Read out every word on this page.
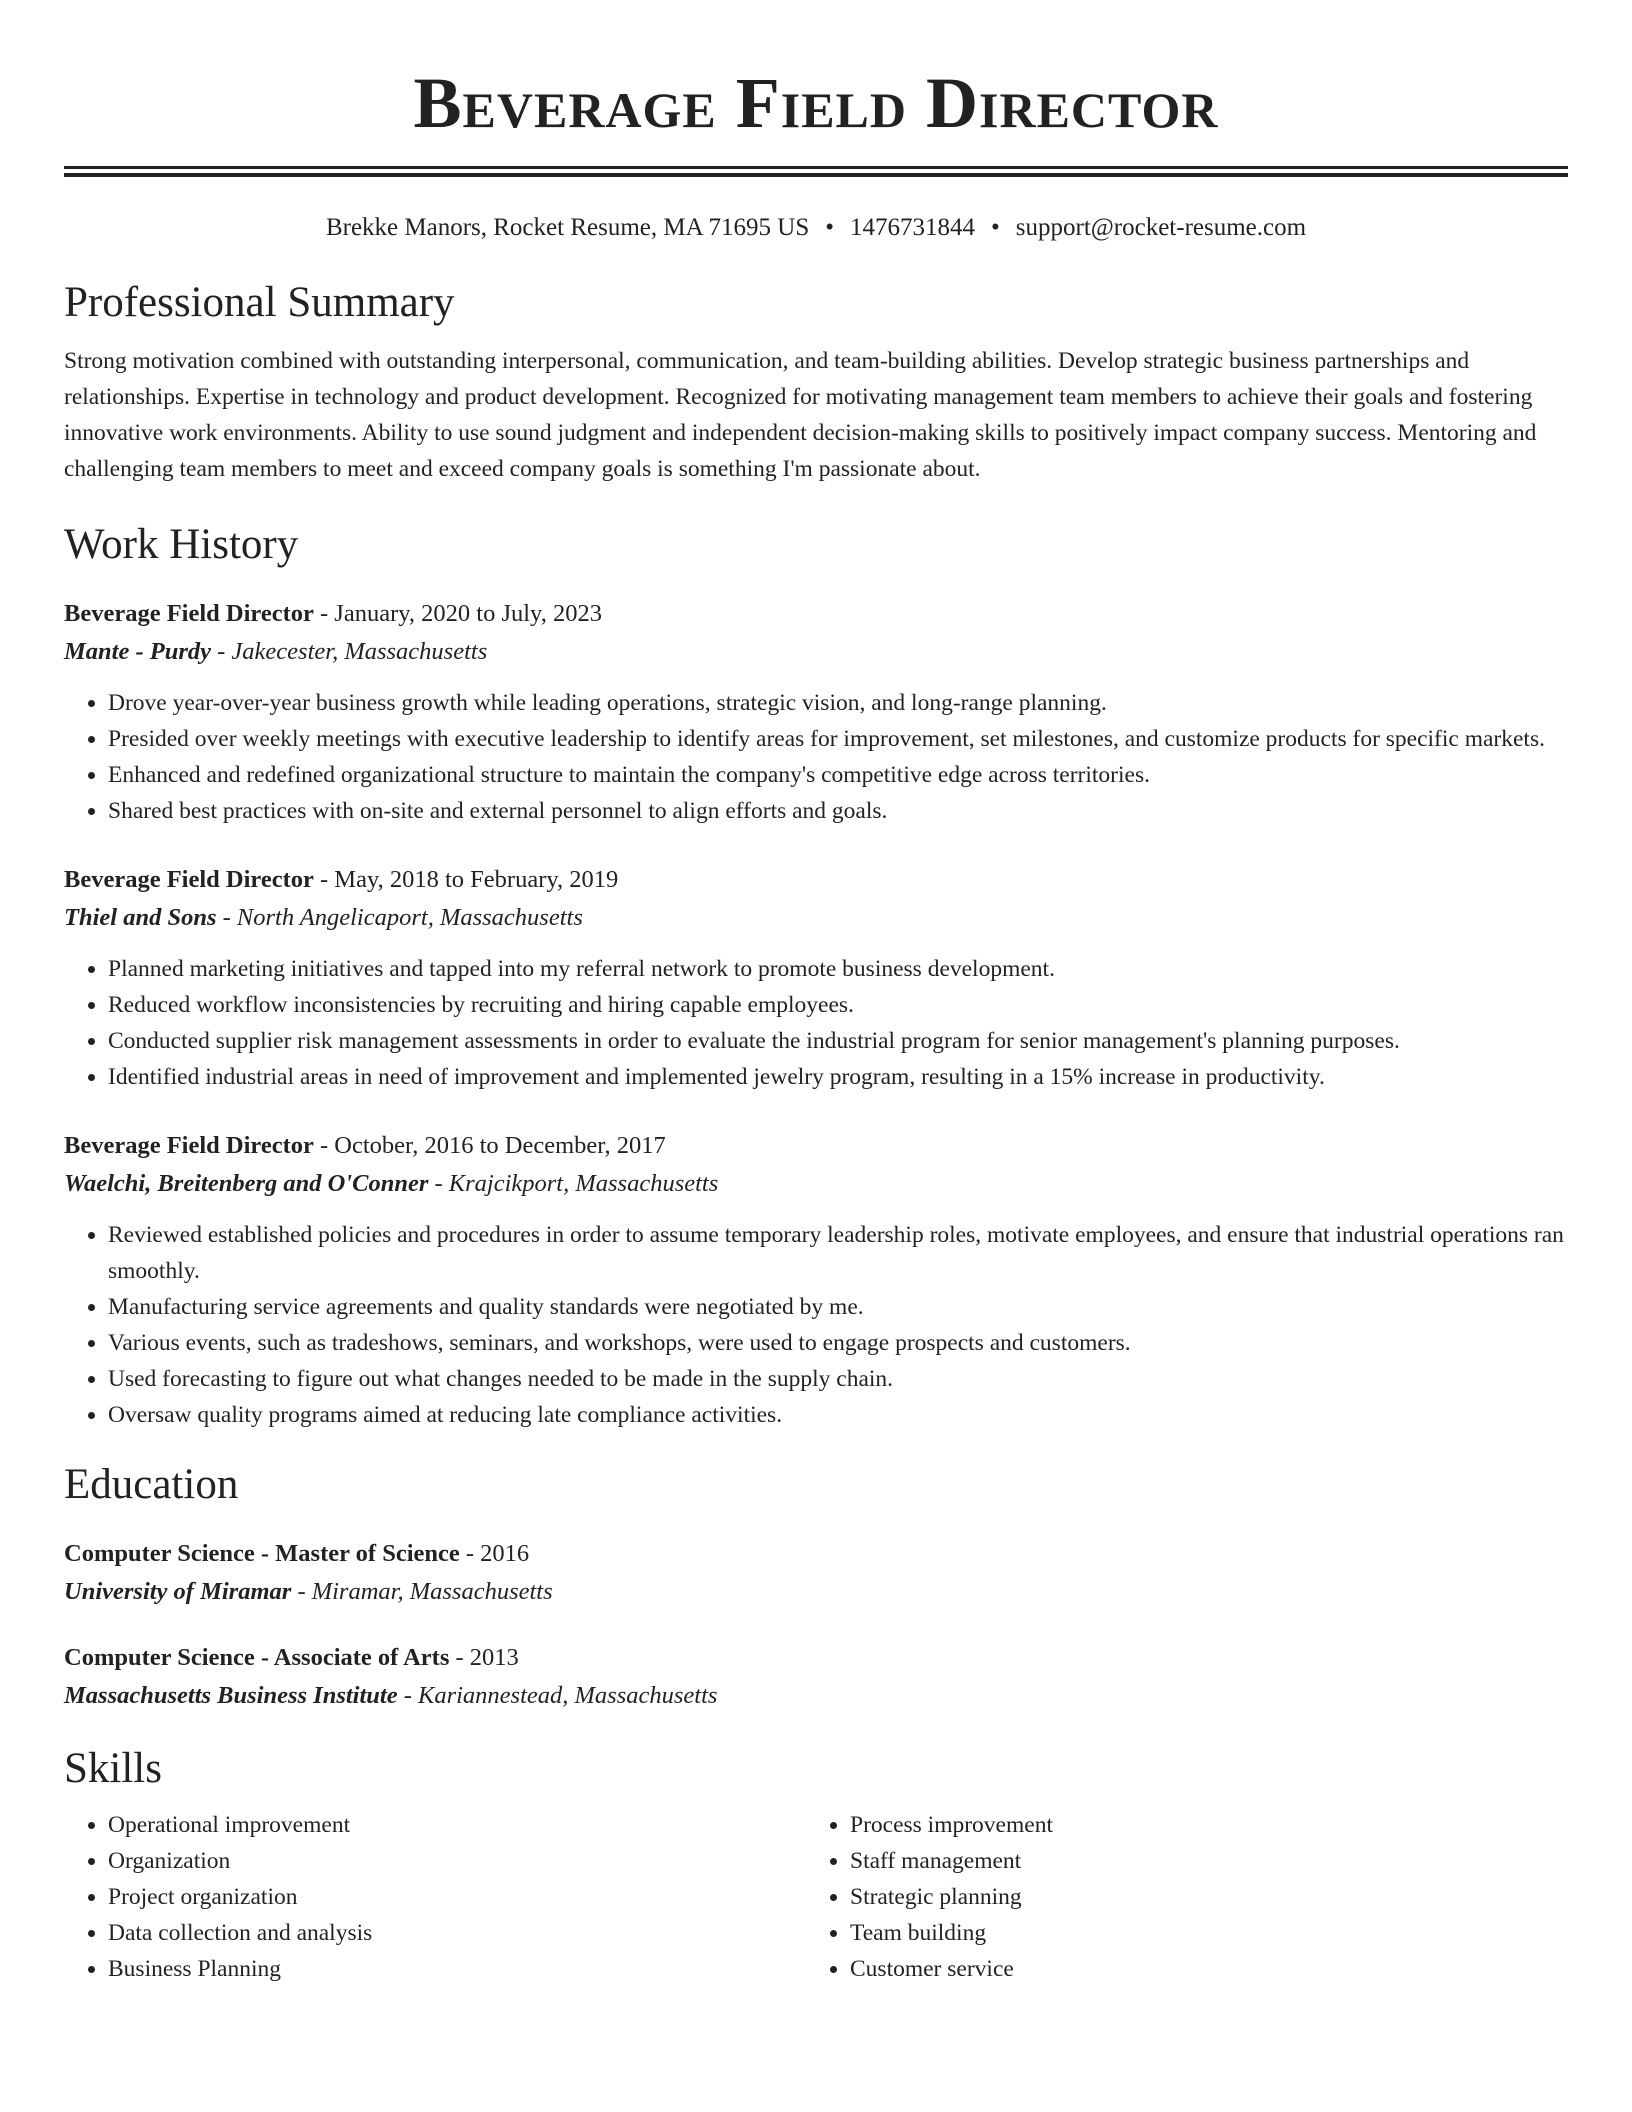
Beverage Field Director
Brekke Manors, Rocket Resume, MA 71695 US • 1476731844 • support@rocket-resume.com
Professional Summary

Strong motivation combined with outstanding interpersonal, communication, and team-building abilities. Develop strategic business partnerships and relationships. Expertise in technology and product development. Recognized for motivating management team members to achieve their goals and fostering innovative work environments. Ability to use sound judgment and independent decision-making skills to positively impact company success. Mentoring and challenging team members to meet and exceed company goals is something I'm passionate about.

Work History
Beverage Field Director - January, 2020 to July, 2023
Mante - Purdy - Jakecester, Massachusetts
• Drove year-over-year business growth while leading operations, strategic vision, and long-range planning.
• Presided over weekly meetings with executive leadership to identify areas for improvement, set milestones, and customize products for specific markets.
• Enhanced and redefined organizational structure to maintain the company's competitive edge across territories.
• Shared best practices with on-site and external personnel to align efforts and goals.
Beverage Field Director - May, 2018 to February, 2019
Thiel and Sons - North Angelicaport, Massachusetts
• Planned marketing initiatives and tapped into my referral network to promote business development.
• Reduced workflow inconsistencies by recruiting and hiring capable employees.
• Conducted supplier risk management assessments in order to evaluate the industrial program for senior management's planning purposes.
• Identified industrial areas in need of improvement and implemented jewelry program, resulting in a 15% increase in productivity.
Beverage Field Director - October, 2016 to December, 2017
Waelchi, Breitenberg and O'Conner - Krajcikport, Massachusetts
• Reviewed established policies and procedures in order to assume temporary leadership roles, motivate employees, and ensure that industrial operations ran smoothly.
• Manufacturing service agreements and quality standards were negotiated by me.
• Various events, such as tradeshows, seminars, and workshops, were used to engage prospects and customers.
• Used forecasting to figure out what changes needed to be made in the supply chain.
• Oversaw quality programs aimed at reducing late compliance activities.
Education
Computer Science - Master of Science - 2016
University of Miramar - Miramar, Massachusetts
Computer Science - Associate of Arts - 2013
Massachusetts Business Institute - Kariannestead, Massachusetts
Skills
• Operational improvement
• Organization
• Project organization
• Data collection and analysis
• Business Planning
• Process improvement
• Staff management
• Strategic planning
• Team building
• Customer service
